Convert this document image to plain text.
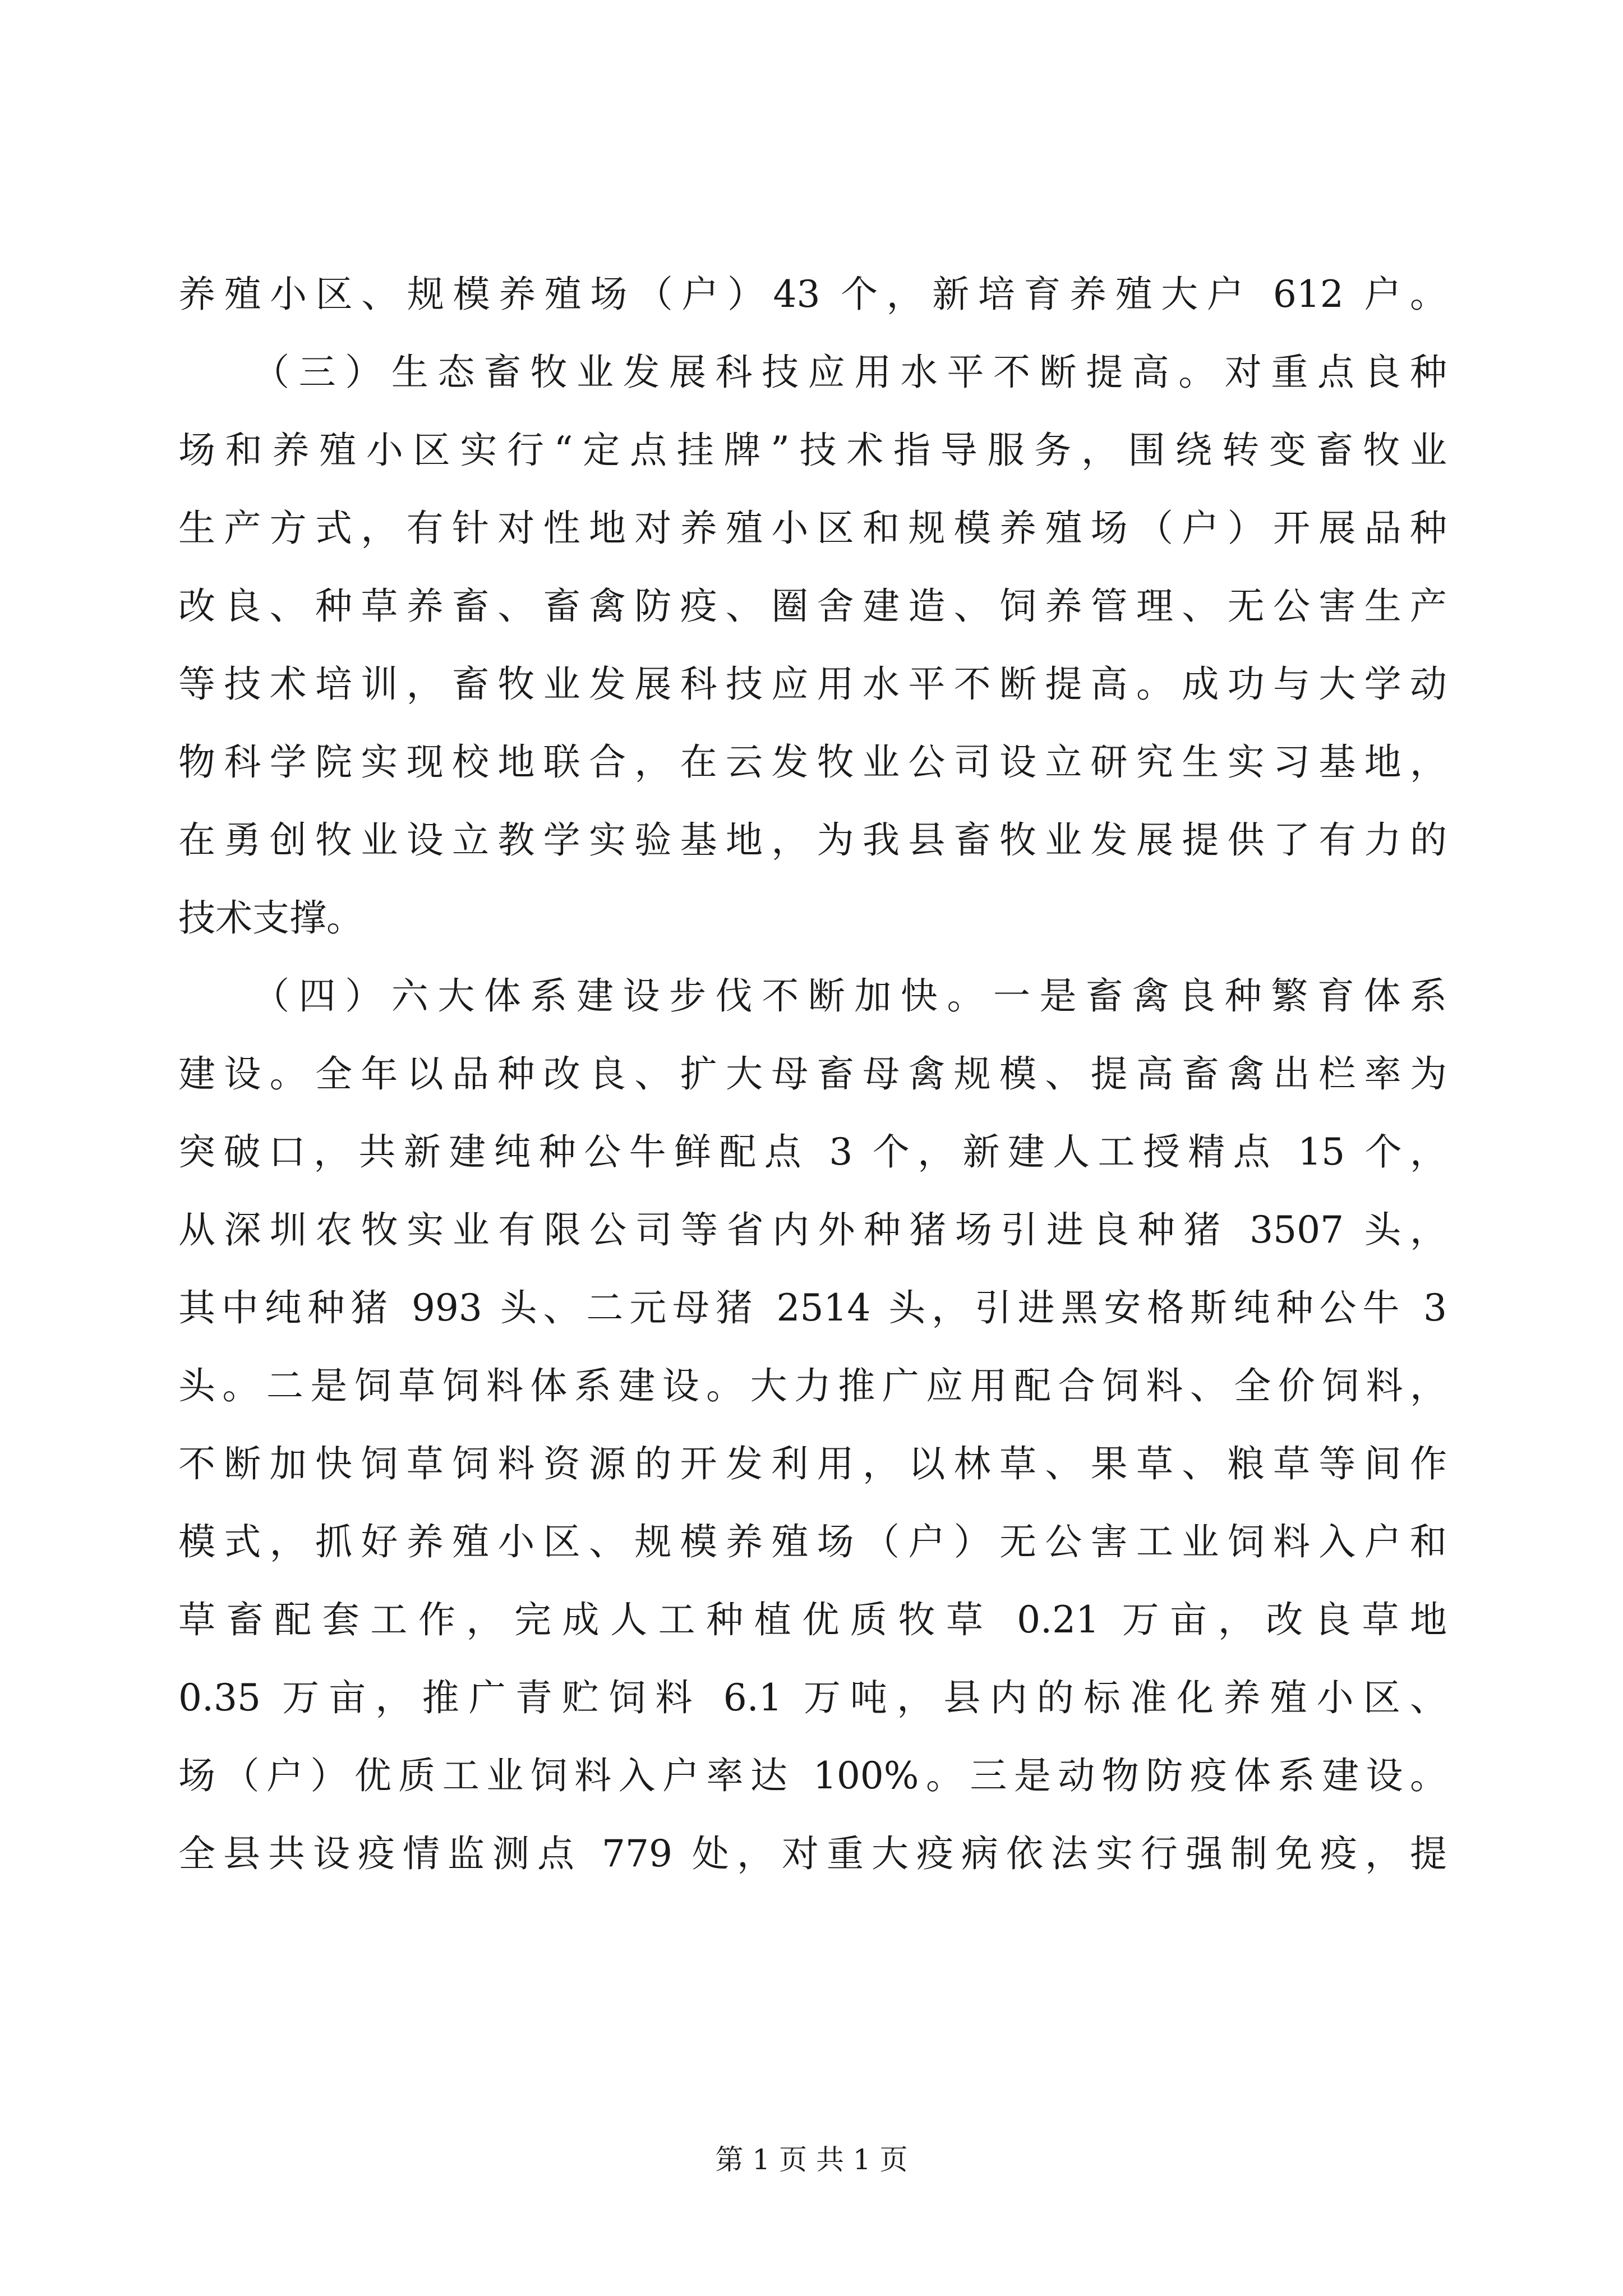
养殖小区、规模养殖场（户）43 个，新培育养殖大户 612 户。
　　（三）生态畜牧业发展科技应用水平不断提高。对重点良种
场和养殖小区实行“定点挂牌”技术指导服务，围绕转变畜牧业
生产方式，有针对性地对养殖小区和规模养殖场（户）开展品种
改良、种草养畜、畜禽防疫、圈舍建造、饲养管理、无公害生产
等技术培训，畜牧业发展科技应用水平不断提高。成功与大学动
物科学院实现校地联合，在云发牧业公司设立研究生实习基地，
在勇创牧业设立教学实验基地，为我县畜牧业发展提供了有力的
技术支撑。
　　（四）六大体系建设步伐不断加快。一是畜禽良种繁育体系
建设。全年以品种改良、扩大母畜母禽规模、提高畜禽出栏率为
突破口，共新建纯种公牛鲜配点 3 个，新建人工授精点 15 个，
从深圳农牧实业有限公司等省内外种猪场引进良种猪 3507 头，
其中纯种猪 993 头、二元母猪 2514 头，引进黑安格斯纯种公牛 3
头。二是饲草饲料体系建设。大力推广应用配合饲料、全价饲料，
不断加快饲草饲料资源的开发利用，以林草、果草、粮草等间作
模式，抓好养殖小区、规模养殖场（户）无公害工业饲料入户和
草畜配套工作，完成人工种植优质牧草 0.21 万亩，改良草地
0.35 万亩，推广青贮饲料 6.1 万吨，县内的标准化养殖小区、
场（户）优质工业饲料入户率达 100%。三是动物防疫体系建设。
全县共设疫情监测点 779 处，对重大疫病依法实行强制免疫，提
第 1 页 共 1 页
